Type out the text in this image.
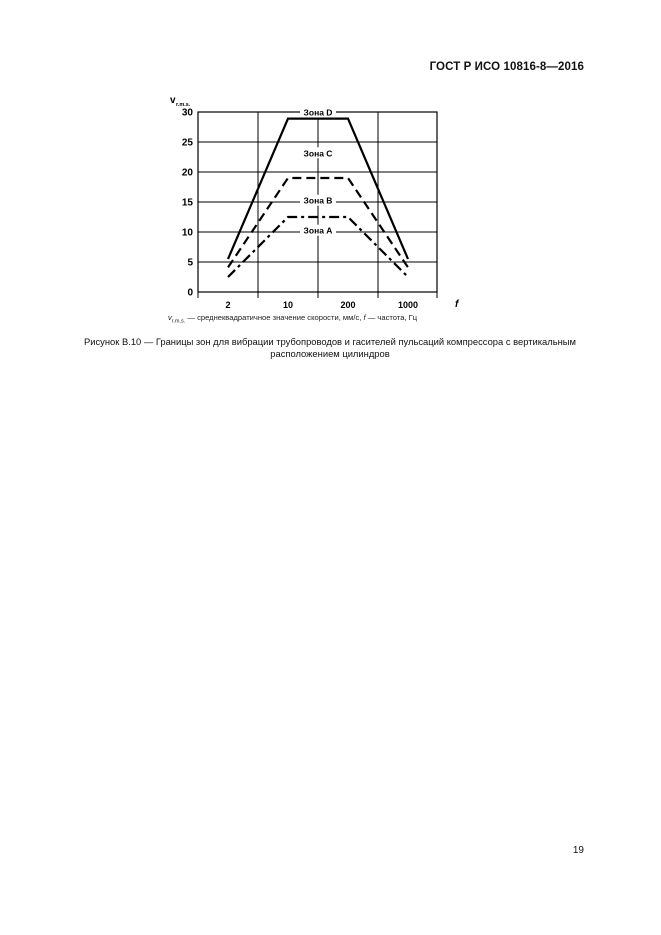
ГОСТ Р ИСО 10816-8—2016
0
5
10
15
20
25
30
2	10	200	1000	f
v r.m.s.
Зона D
Зона C
Зона B
Зона A
$v_{r.m.s.}$ — среднеквадратичное значение скорости, мм/с, f — частота, Гц
Рисунок В.10 — Границы зон для вибрации трубопроводов и гасителей пульсаций компрессора с вертикальным
расположением цилиндров
19
